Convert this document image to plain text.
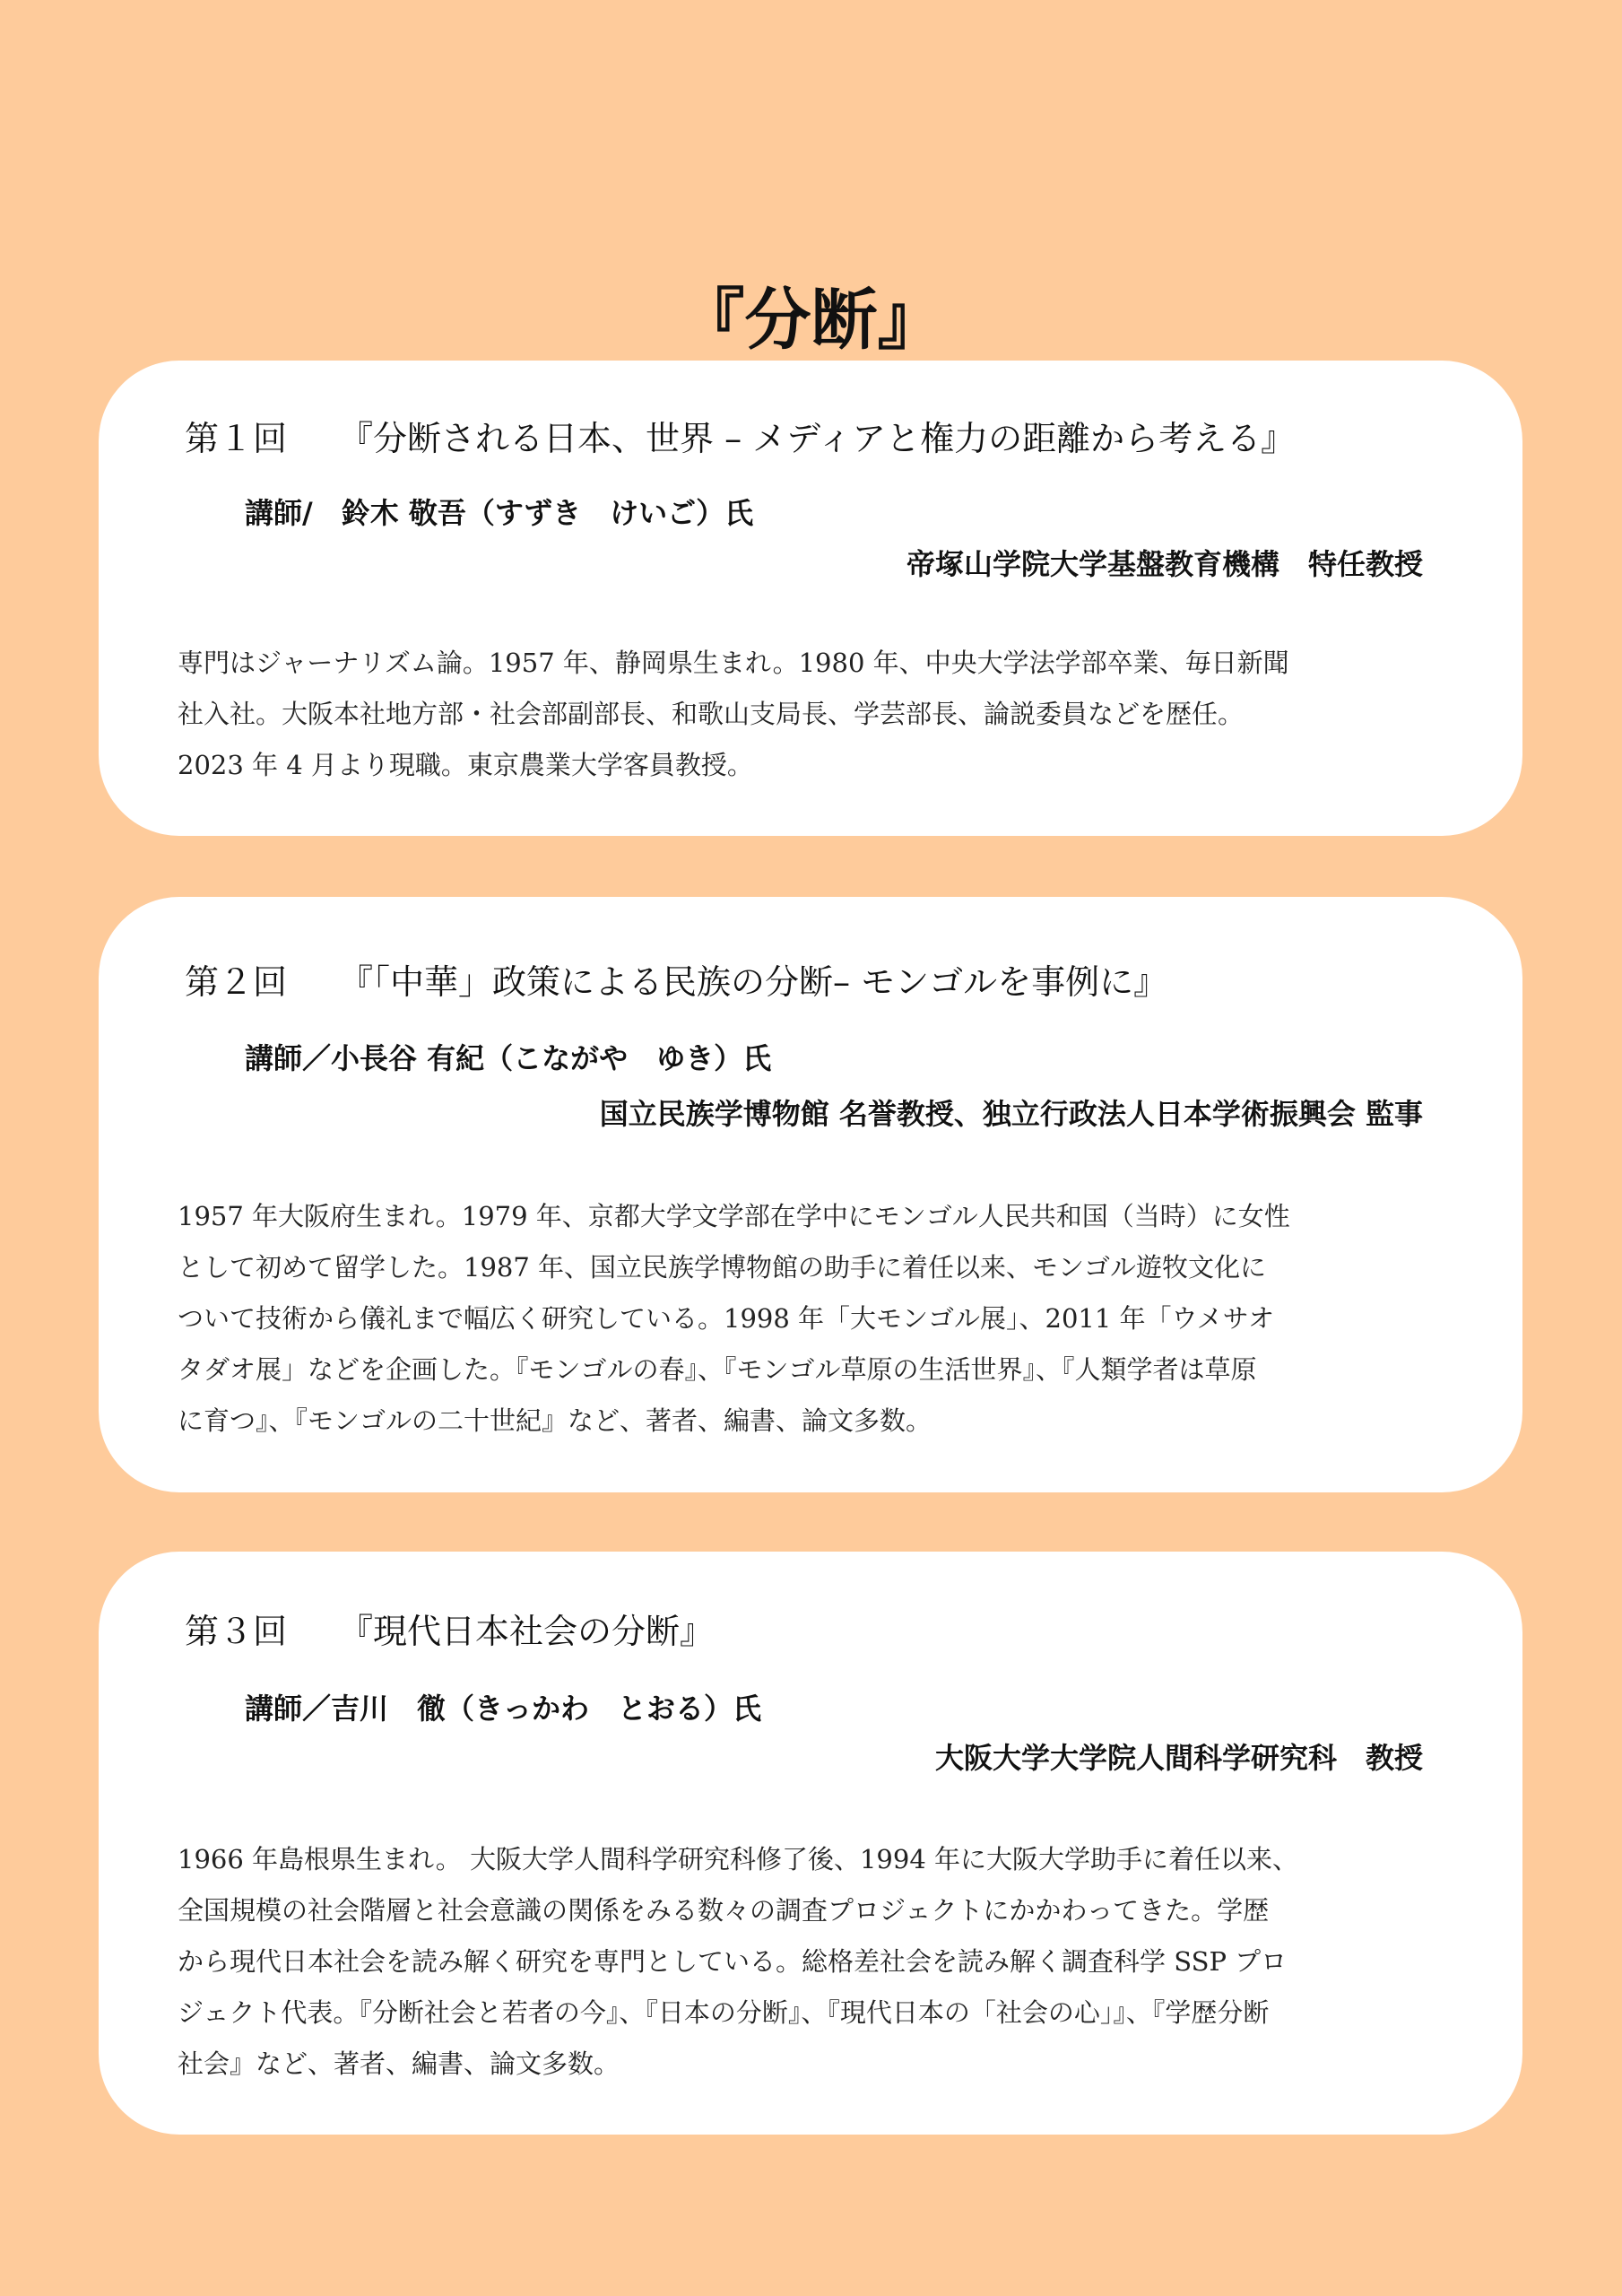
『分断』
第１回 『分断される日本、世界 – メディアと権力の距離から考える』
講師/　鈴木 敬吾（すずき　けいご）氏
帝塚山学院大学基盤教育機構　特任教授

専門はジャーナリズム論。1957 年、静岡県生まれ。1980 年、中央大学法学部卒業、毎日新聞
社入社。大阪本社地方部・社会部副部長、和歌山支局長、学芸部長、論説委員などを歴任。
2023 年 4 月より現職。東京農業大学客員教授。

第２回 『「中華」政策による民族の分断– モンゴルを事例に』
講師／小長谷 有紀（こながや　ゆき）氏
国立民族学博物館 名誉教授、独立行政法人日本学術振興会 監事

1957 年大阪府生まれ。1979 年、京都大学文学部在学中にモンゴル人民共和国（当時）に女性
として初めて留学した。1987 年、国立民族学博物館の助手に着任以来、モンゴル遊牧文化に
ついて技術から儀礼まで幅広く研究している。1998 年「大モンゴル展」、2011 年「ウメサオ
タダオ展」などを企画した。『モンゴルの春』、『モンゴル草原の生活世界』、『人類学者は草原
に育つ』、『モンゴルの二十世紀』など、著者、編書、論文多数。

第３回 『現代日本社会の分断』
講師／吉川　徹（きっかわ　とおる）氏
大阪大学大学院人間科学研究科　教授

1966 年島根県生まれ。 大阪大学人間科学研究科修了後、1994 年に大阪大学助手に着任以来、
全国規模の社会階層と社会意識の関係をみる数々の調査プロジェクトにかかわってきた。学歴
から現代日本社会を読み解く研究を専門としている。総格差社会を読み解く調査科学 SSP プロ
ジェクト代表。『分断社会と若者の今』、『日本の分断』、『現代日本の「社会の心」』、『学歴分断
社会』など、著者、編書、論文多数。
